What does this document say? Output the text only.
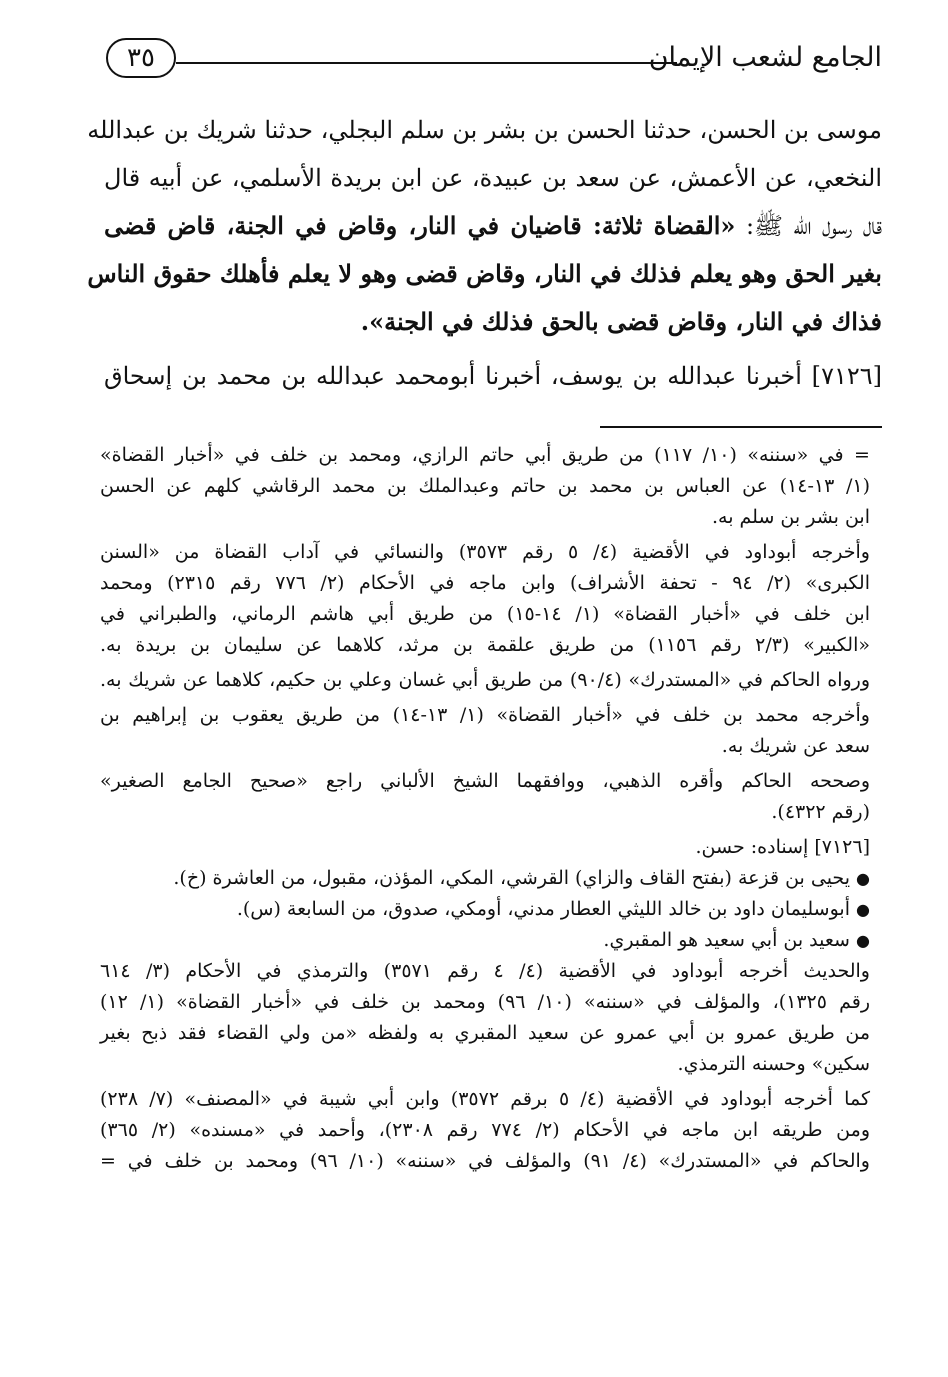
الجامع لشعب الإيمان
٣٥
موسى بن الحسن، حدثنا الحسن بن بشر بن سلم البجلي، حدثنا شريك بن عبدالله
النخعي، عن الأعمش، عن سعد بن عبيدة، عن ابن بريدة الأسلمي، عن أبيه قال
قال رسول الله ﷺ: «القضاة ثلاثة: قاضيان في النار، وقاض في الجنة، قاض قضى
بغير الحق وهو يعلم فذلك في النار، وقاض قضى وهو لا يعلم فأهلك حقوق الناس
فذاك في النار، وقاض قضى بالحق فذلك في الجنة».
[٧١٢٦] أخبرنا عبدالله بن يوسف، أخبرنا أبومحمد عبدالله بن محمد بن إسحاق
= في «سننه» (١٠/ ١١٧) من طريق أبي حاتم الرازي، ومحمد بن خلف في «أخبار القضاة»
(١/ ١٣-١٤) عن العباس بن محمد بن حاتم وعبدالملك بن محمد الرقاشي كلهم عن الحسن
ابن بشر بن سلم به.
وأخرجه أبوداود في الأقضية (٤/ ٥ رقم ٣٥٧٣) والنسائي في آداب القضاة من «السنن
الكبرى» (٢/ ٩٤ - تحفة الأشراف) وابن ماجه في الأحكام (٢/ ٧٧٦ رقم ٢٣١٥) ومحمد
ابن خلف في «أخبار القضاة» (١/ ١٤-١٥) من طريق أبي هاشم الرماني، والطبراني في
«الكبير» (٢/٣ رقم ١١٥٦) من طريق علقمة بن مرثد، كلاهما عن سليمان بن بريدة به.
ورواه الحاكم في «المستدرك» (٩٠/٤) من طريق أبي غسان وعلي بن حكيم، كلاهما عن شريك به.
وأخرجه محمد بن خلف في «أخبار القضاة» (١/ ١٣-١٤) من طريق يعقوب بن إبراهيم بن
سعد عن شريك به.
وصححه الحاكم وأقره الذهبي، ووافقهما الشيخ الألباني راجع «صحيح الجامع الصغير»
(رقم ٤٣٢٢).
[٧١٢٦] إسناده: حسن.
● يحيى بن قزعة (بفتح القاف والزاي) القرشي، المكي، المؤذن، مقبول، من العاشرة (خ).
● أبوسليمان داود بن خالد الليثي العطار مدني، أومكي، صدوق، من السابعة (س).
● سعيد بن أبي سعيد هو المقبري.
والحديث أخرجه أبوداود في الأقضية (٤/ ٤ رقم ٣٥٧١) والترمذي في الأحكام (٣/ ٦١٤
رقم ١٣٢٥)، والمؤلف في «سننه» (١٠/ ٩٦) ومحمد بن خلف في «أخبار القضاة» (١/ ١٢)
من طريق عمرو بن أبي عمرو عن سعيد المقبري به ولفظه «من ولي القضاء فقد ذبح بغير
سكين» وحسنه الترمذي.
كما أخرجه أبوداود في الأقضية (٤/ ٥ برقم ٣٥٧٢) وابن أبي شيبة في «المصنف» (٧/ ٢٣٨)
ومن طريقه ابن ماجه في الأحكام (٢/ ٧٧٤ رقم ٢٣٠٨)، وأحمد في «مسنده» (٢/ ٣٦٥)
والحاكم في «المستدرك» (٤/ ٩١) والمؤلف في «سننه» (١٠/ ٩٦) ومحمد بن خلف في =
